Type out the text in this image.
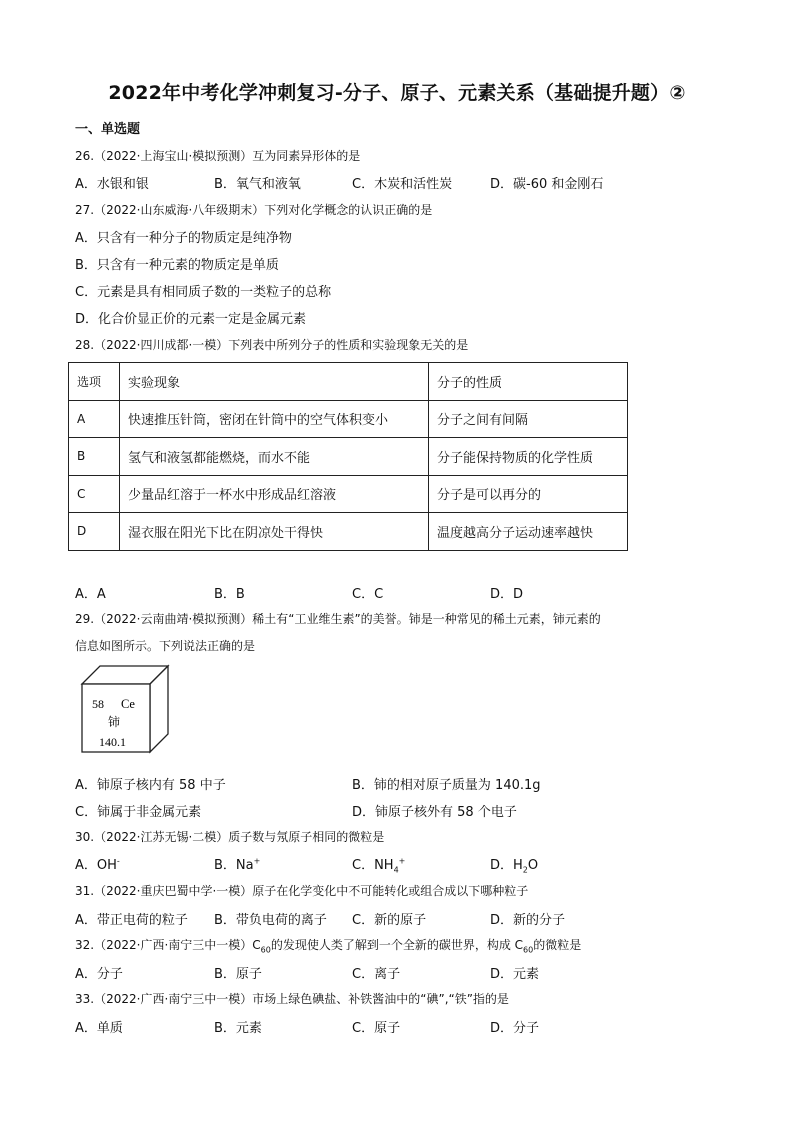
2022年中考化学冲刺复习-分子、原子、元素关系（基础提升题）②
一、单选题
26.（2022·上海宝山·模拟预测）互为同素异形体的是
A．水银和银	B．氧气和液氧	C．木炭和活性炭	D．碳-60 和金刚石
27.（2022·山东威海·八年级期末）下列对化学概念的认识正确的是
A．只含有一种分子的物质定是纯净物
B．只含有一种元素的物质定是单质
C．元素是具有相同质子数的一类粒子的总称
D．化合价显正价的元素一定是金属元素
28.（2022·四川成都·一模）下列表中所列分子的性质和实验现象无关的是
选项	实验现象	分子的性质
A	快速推压针筒，密闭在针筒中的空气体积变小	分子之间有间隔
B	氢气和液氢都能燃烧，而水不能	分子能保持物质的化学性质
C	少量品红溶于一杯水中形成品红溶液	分子是可以再分的
D	湿衣服在阳光下比在阴凉处干得快	温度越高分子运动速率越快
A．A	B．B	C．C	D．D
29.（2022·云南曲靖·模拟预测）稀土有“工业维生素”的美誉。铈是一种常见的稀土元素，铈元素的
信息如图所示。下列说法正确的是
58 Ce
铈
140.1
A．铈原子核内有 58 中子	B．铈的相对原子质量为 140.1g
C．铈属于非金属元素	D．铈原子核外有 58 个电子
30.（2022·江苏无锡·二模）质子数与氖原子相同的微粒是
A．OH-	B．Na+	C．$NH_4^+$	D．$H_2O$
31.（2022·重庆巴蜀中学·一模）原子在化学变化中不可能转化或组合成以下哪种粒子
A．带正电荷的粒子 B．带负电荷的离子 C．新的原子	D．新的分子
32.（2022·广西·南宁三中一模）$C_{60}$的发现使人类了解到一个全新的碳世界，构成 $C_{60}$的微粒是
A．分子	B．原子	C．离子	D．元素
33.（2022·广西·南宁三中一模）市场上绿色碘盐、补铁酱油中的“碘”,“铁”指的是
A．单质	B．元素	C．原子	D．分子
